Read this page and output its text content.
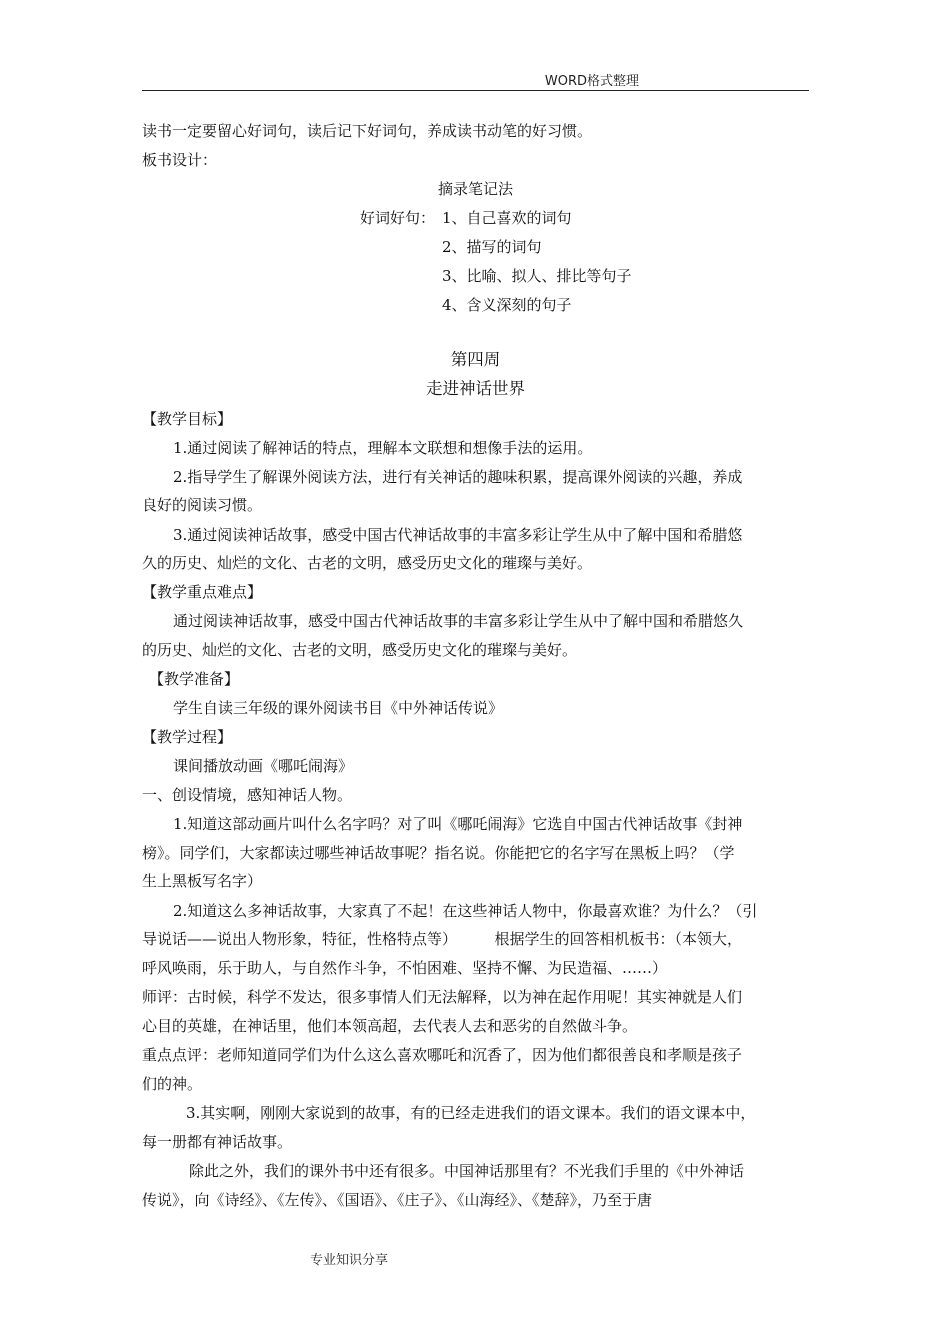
WORD格式整理
读书一定要留心好词句，读后记下好词句，养成读书动笔的好习惯。
板书设计：
摘录笔记法
好词好句： 1、自己喜欢的词句
2、描写的词句
3、比喻、拟人、排比等句子
4、含义深刻的句子
第四周
走进神话世界
【教学目标】
1.通过阅读了解神话的特点，理解本文联想和想像手法的运用。
2.指导学生了解课外阅读方法，进行有关神话的趣味积累，提高课外阅读的兴趣，养成
良好的阅读习惯。
3.通过阅读神话故事，感受中国古代神话故事的丰富多彩让学生从中了解中国和希腊悠
久的历史、灿烂的文化、古老的文明，感受历史文化的璀璨与美好。
【教学重点难点】
通过阅读神话故事，感受中国古代神话故事的丰富多彩让学生从中了解中国和希腊悠久
的历史、灿烂的文化、古老的文明，感受历史文化的璀璨与美好。
【教学准备】
学生自读三年级的课外阅读书目《中外神话传说》
【教学过程】
课间播放动画《哪吒闹海》
一、创设情境，感知神话人物。
1.知道这部动画片叫什么名字吗？对了叫《哪吒闹海》它选自中国古代神话故事《封神
榜》。同学们，大家都读过哪些神话故事呢？指名说。你能把它的名字写在黑板上吗？（学
生上黑板写名字）
2.知道这么多神话故事，大家真了不起！在这些神话人物中，你最喜欢谁？为什么？（引
导说话——说出人物形象，特征，性格特点等）　　　根据学生的回答相机板书：（本领大，
呼风唤雨，乐于助人，与自然作斗争，不怕困难、坚持不懈、为民造福、……）
师评：古时候，科学不发达，很多事情人们无法解释，以为神在起作用呢！其实神就是人们
心目的英雄，在神话里，他们本领高超，去代表人去和恶劣的自然做斗争。
重点点评：老师知道同学们为什么这么喜欢哪吒和沉香了，因为他们都很善良和孝顺是孩子
们的神。
3.其实啊，刚刚大家说到的故事，有的已经走进我们的语文课本。我们的语文课本中，
每一册都有神话故事。
除此之外，我们的课外书中还有很多。中国神话那里有？不光我们手里的《中外神话
传说》，向《诗经》、《左传》、《国语》、《庄子》、《山海经》、《楚辞》，乃至于唐
专业知识分享
